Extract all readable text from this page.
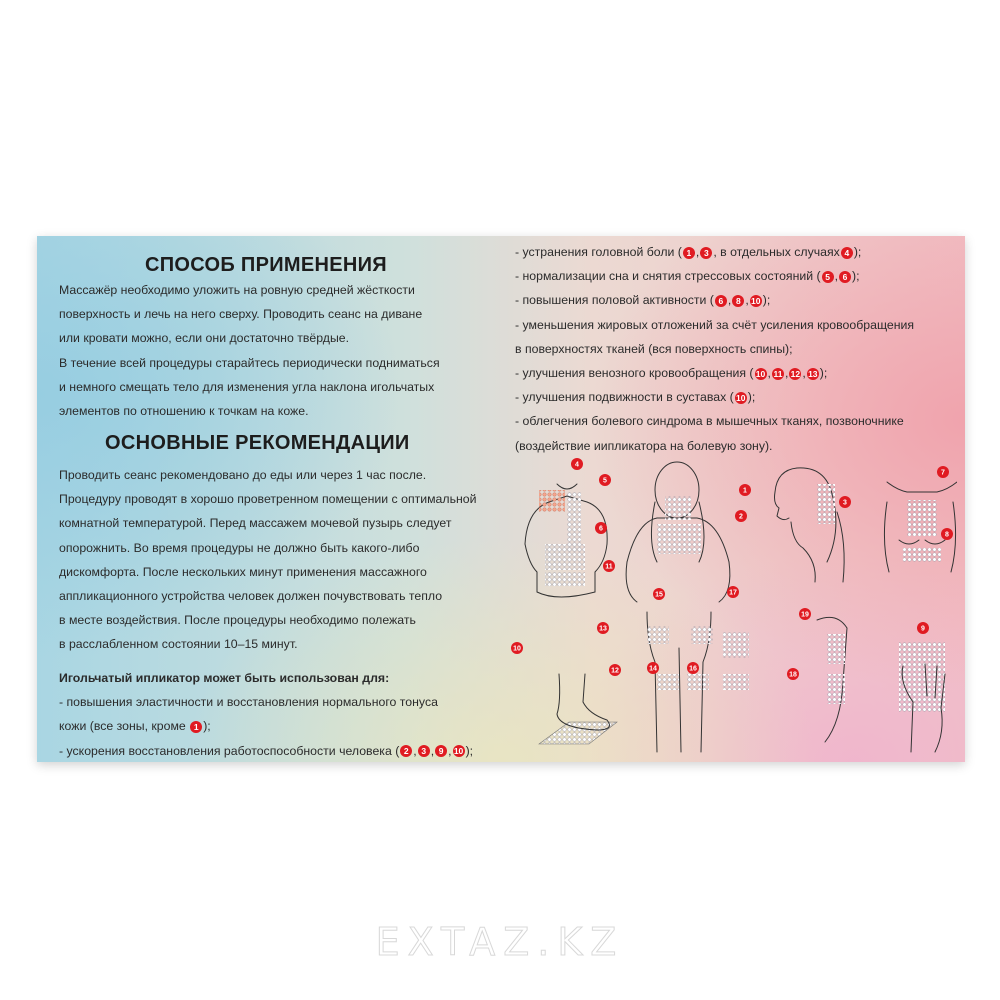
СПОСОБ ПРИМЕНЕНИЯ
Массажёр необходимо уложить на ровную средней жёсткости
поверхность и лечь на него сверху. Проводить сеанс на диване
или кровати можно, если они достаточно твёрдые.
В течение всей процедуры старайтесь периодически подниматься
и немного смещать тело для изменения угла наклона игольчатых
элементов по отношению к точкам на коже.
ОСНОВНЫЕ РЕКОМЕНДАЦИИ
Проводить сеанс рекомендовано до еды или через 1 час после.
Процедуру проводят в хорошо проветренном помещении с оптимальной
комнатной температурой. Перед массажем мочевой пузырь следует
опорожнить. Во время процедуры не должно быть какого-либо
дискомфорта. После нескольких минут применения массажного
аппликационного устройства человек должен почувствовать тепло
в месте воздействия. После процедуры необходимо полежать
в расслабленном состоянии 10–15 минут.
Игольчатый ипликатор может быть использован для:
- повышения эластичности и восстановления нормального тонуса
кожи (все зоны, кроме 1 );
- ускорения восстановления работоспособности человека ( 2 , 3 , 9 , 10 );
- устранения головной боли ( 1 , 3 , в отдельных случаях 4 );
- нормализации сна и снятия стрессовых состояний ( 5 , 6 );
- повышения половой активности ( 6 , 8 , 10 );
- уменьшения жировых отложений за счёт усиления кровообращения
в поверхностях тканей (вся поверхность спины);
- улучшения венозного кровообращения ( 10 , 11 , 12 , 13 );
- улучшения подвижности в суставах ( 10 );
- облегчения болевого синдрома в мышечных тканях, позвоночнике
(воздействие иипликатора на болевую зону).
1
2
3
4
5
6
7
8
9
10
11
12
13
14
15
16
17
18
19
EXTAZ.KZ
